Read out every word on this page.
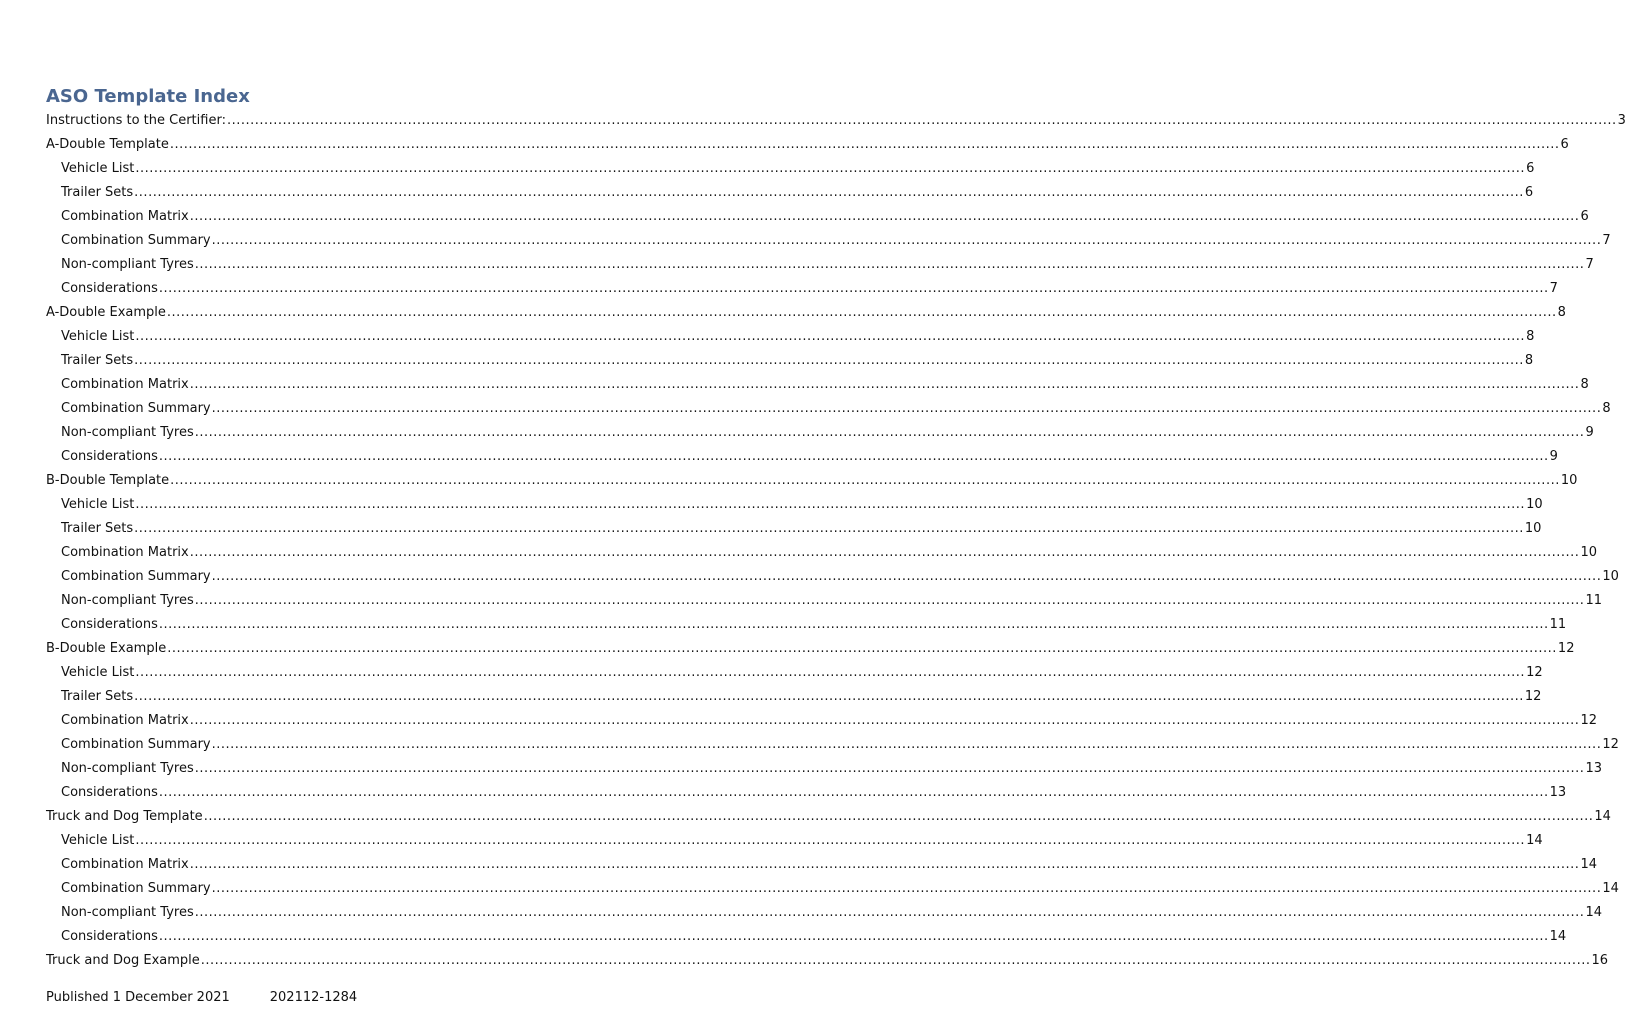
ASO Template Index
Instructions to the Certifier: ............................................................................................................................................................................................................................................................................................................ 3
A-Double Template ............................................................................................................................................................................................................................................................................................................ 6
Vehicle List ............................................................................................................................................................................................................................................................................................................ 6
Trailer Sets ............................................................................................................................................................................................................................................................................................................ 6
Combination Matrix ............................................................................................................................................................................................................................................................................................................ 6
Combination Summary ............................................................................................................................................................................................................................................................................................................ 7
Non-compliant Tyres ............................................................................................................................................................................................................................................................................................................ 7
Considerations ............................................................................................................................................................................................................................................................................................................ 7
A-Double Example ............................................................................................................................................................................................................................................................................................................ 8
Vehicle List ............................................................................................................................................................................................................................................................................................................ 8
Trailer Sets ............................................................................................................................................................................................................................................................................................................ 8
Combination Matrix ............................................................................................................................................................................................................................................................................................................ 8
Combination Summary ............................................................................................................................................................................................................................................................................................................ 8
Non-compliant Tyres ............................................................................................................................................................................................................................................................................................................ 9
Considerations ............................................................................................................................................................................................................................................................................................................ 9
B-Double Template ............................................................................................................................................................................................................................................................................................................ 10
Vehicle List ............................................................................................................................................................................................................................................................................................................ 10
Trailer Sets ............................................................................................................................................................................................................................................................................................................ 10
Combination Matrix ............................................................................................................................................................................................................................................................................................................ 10
Combination Summary ............................................................................................................................................................................................................................................................................................................ 10
Non-compliant Tyres ............................................................................................................................................................................................................................................................................................................ 11
Considerations ............................................................................................................................................................................................................................................................................................................ 11
B-Double Example ............................................................................................................................................................................................................................................................................................................ 12
Vehicle List ............................................................................................................................................................................................................................................................................................................ 12
Trailer Sets ............................................................................................................................................................................................................................................................................................................ 12
Combination Matrix ............................................................................................................................................................................................................................................................................................................ 12
Combination Summary ............................................................................................................................................................................................................................................................................................................ 12
Non-compliant Tyres ............................................................................................................................................................................................................................................................................................................ 13
Considerations ............................................................................................................................................................................................................................................................................................................ 13
Truck and Dog Template ............................................................................................................................................................................................................................................................................................................ 14
Vehicle List ............................................................................................................................................................................................................................................................................................................ 14
Combination Matrix ............................................................................................................................................................................................................................................................................................................ 14
Combination Summary ............................................................................................................................................................................................................................................................................................................ 14
Non-compliant Tyres ............................................................................................................................................................................................................................................................................................................ 14
Considerations ............................................................................................................................................................................................................................................................................................................ 14
Truck and Dog Example ............................................................................................................................................................................................................................................................................................................ 16
Published 1 December 2021	202112-1284
